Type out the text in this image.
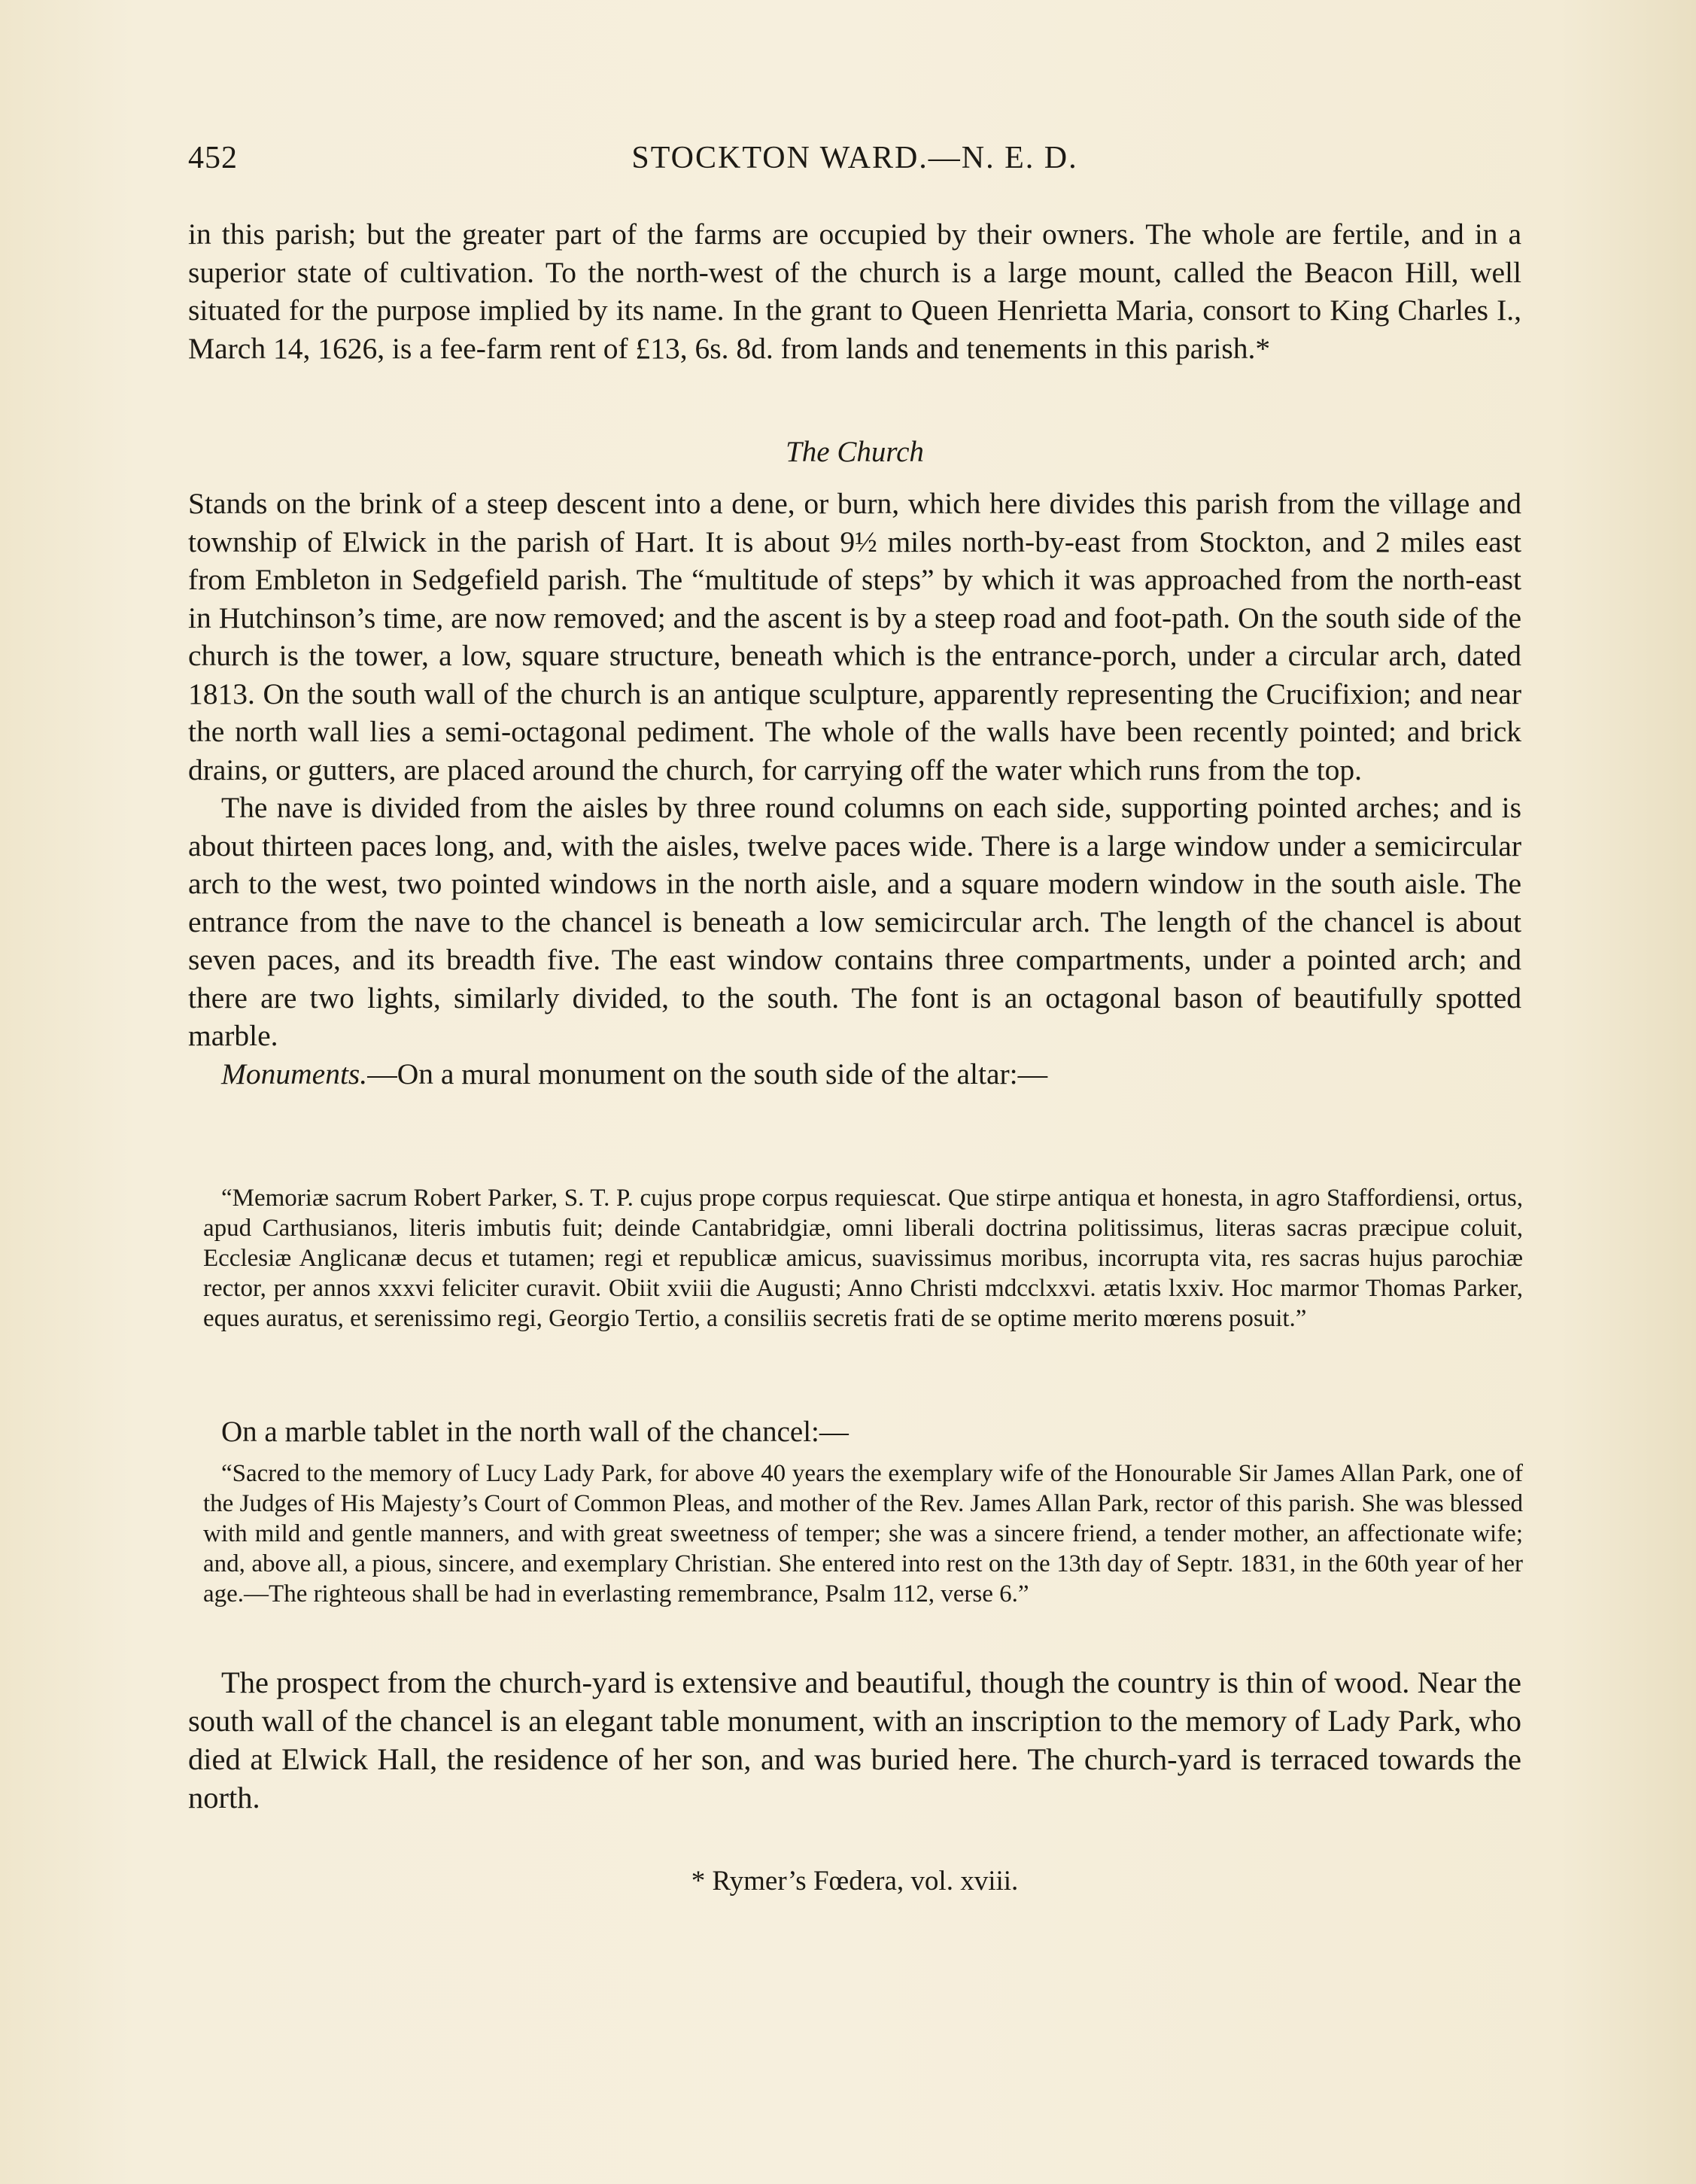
452	STOCKTON WARD.—N. E. D.

in this parish; but the greater part of the farms are occupied by their owners. The whole are fertile, and in a superior state of cultivation. To the north-west of the church is a large mount, called the Beacon Hill, well situated for the purpose implied by its name. In the grant to Queen Henrietta Maria, consort to King Charles I., March 14, 1626, is a fee-farm rent of £13, 6s. 8d. from lands and tenements in this parish.*

The Church

Stands on the brink of a steep descent into a dene, or burn, which here divides this parish from the village and township of Elwick in the parish of Hart. It is about 9½ miles north-by-east from Stockton, and 2 miles east from Embleton in Sedgefield parish. The “multitude of steps” by which it was approached from the north-east in Hutchinson’s time, are now removed; and the ascent is by a steep road and foot-path. On the south side of the church is the tower, a low, square structure, beneath which is the entrance-porch, under a circular arch, dated 1813. On the south wall of the church is an antique sculpture, apparently representing the Crucifixion; and near the north wall lies a semi-octagonal pediment. The whole of the walls have been recently pointed; and brick drains, or gutters, are placed around the church, for carrying off the water which runs from the top.

The nave is divided from the aisles by three round columns on each side, supporting pointed arches; and is about thirteen paces long, and, with the aisles, twelve paces wide. There is a large window under a semicircular arch to the west, two pointed windows in the north aisle, and a square modern window in the south aisle. The entrance from the nave to the chancel is beneath a low semicircular arch. The length of the chancel is about seven paces, and its breadth five. The east window contains three compartments, under a pointed arch; and there are two lights, similarly divided, to the south. The font is an octagonal bason of beautifully spotted marble.

Monuments.—On a mural monument on the south side of the altar:—

“Memoriæ sacrum Robert Parker, S. T. P. cujus prope corpus requiescat. Que stirpe antiqua et honesta, in agro Staffordiensi, ortus, apud Carthusianos, literis imbutis fuit; deinde Cantabridgiæ, omni liberali doctrina politissimus, literas sacras præcipue coluit, Ecclesiæ Anglicanæ decus et tutamen; regi et republicæ amicus, suavissimus moribus, incorrupta vita, res sacras hujus parochiæ rector, per annos xxxvi feliciter curavit. Obiit xviii die Augusti; Anno Christi mdcclxxvi. ætatis lxxiv. Hoc marmor Thomas Parker, eques auratus, et serenissimo regi, Georgio Tertio, a consiliis secretis frati de se optime merito mœrens posuit.”

On a marble tablet in the north wall of the chancel:—

“Sacred to the memory of Lucy Lady Park, for above 40 years the exemplary wife of the Honourable Sir James Allan Park, one of the Judges of His Majesty’s Court of Common Pleas, and mother of the Rev. James Allan Park, rector of this parish. She was blessed with mild and gentle manners, and with great sweetness of temper; she was a sincere friend, a tender mother, an affectionate wife; and, above all, a pious, sincere, and exemplary Christian. She entered into rest on the 13th day of Septr. 1831, in the 60th year of her age.—The righteous shall be had in everlasting remembrance, Psalm 112, verse 6.”

The prospect from the church-yard is extensive and beautiful, though the country is thin of wood. Near the south wall of the chancel is an elegant table monument, with an inscription to the memory of Lady Park, who died at Elwick Hall, the residence of her son, and was buried here. The church-yard is terraced towards the north.

* Rymer’s Fœdera, vol. xviii.
